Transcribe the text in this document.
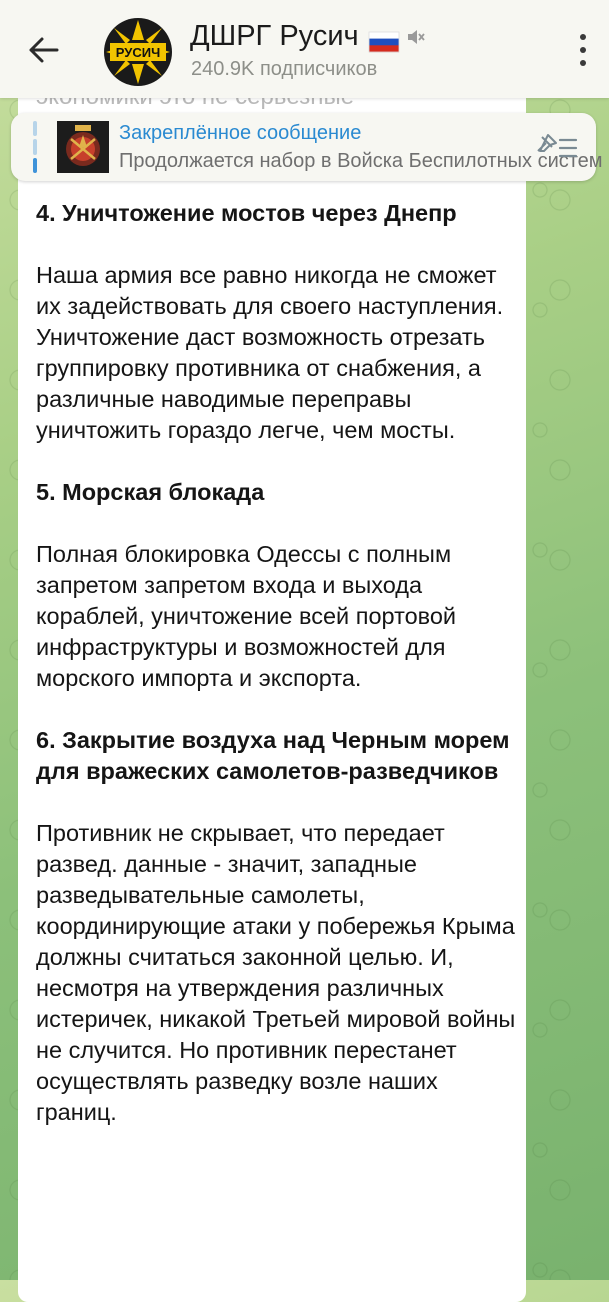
РУСИЧ
ДШРГ Русич
240.9K подписчиков
Закреплённое сообщение
Продолжается набор в Войска Беспилотных систем
4. Уничтожение мостов через Днепр

Наша армия все равно никогда не сможет их задействовать для своего наступления. Уничтожение даст возможность отрезать группировку противника от снабжения, а различные наводимые переправы уничтожить гораздо легче, чем мосты.

5. Морская блокада

Полная блокировка Одессы с полным запретом запретом входа и выхода кораблей, уничтожение всей портовой инфраструктуры и возможностей для морского импорта и экспорта.

6. Закрытие воздуха над Черным морем для вражеских самолетов-разведчиков

Противник не скрывает, что передает развед. данные - значит, западные разведывательные самолеты, координирующие атаки у побережья Крыма должны считаться законной целью. И, несмотря на утверждения различных истеричек, никакой Третьей мировой войны не случится. Но противник перестанет осуществлять разведку возле наших границ.
